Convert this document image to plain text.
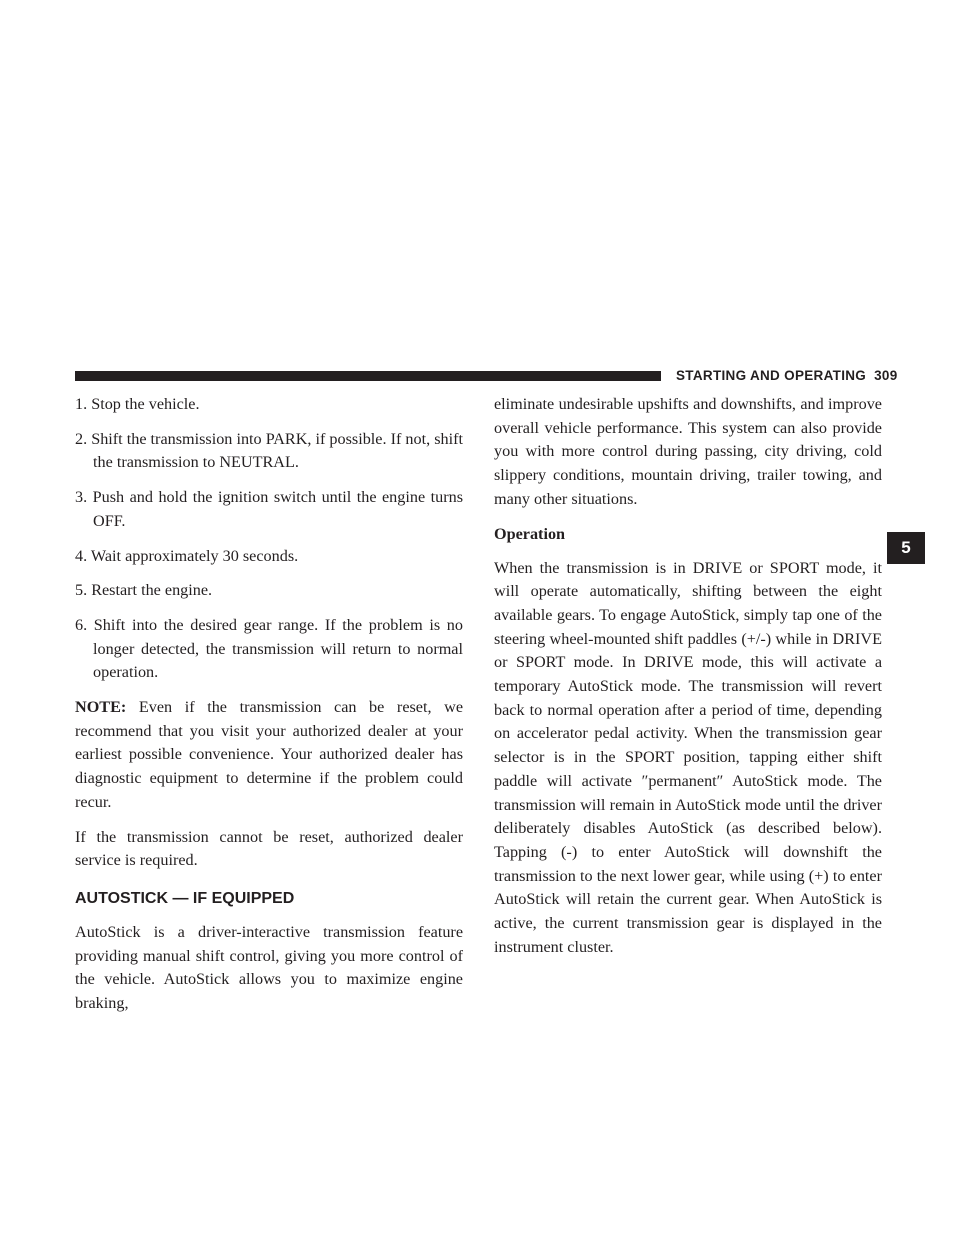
STARTING AND OPERATING 309
5
1. Stop the vehicle.
2. Shift the transmission into PARK, if possible. If not, shift the transmission to NEUTRAL.
3. Push and hold the ignition switch until the engine turns OFF.
4. Wait approximately 30 seconds.
5. Restart the engine.
6. Shift into the desired gear range. If the problem is no longer detected, the transmission will return to normal operation.

NOTE: Even if the transmission can be reset, we recommend that you visit your authorized dealer at your earliest possible convenience. Your authorized dealer has diagnostic equipment to determine if the problem could recur.

If the transmission cannot be reset, authorized dealer service is required.

AUTOSTICK — IF EQUIPPED

AutoStick is a driver-interactive transmission feature providing manual shift control, giving you more control of the vehicle. AutoStick allows you to maximize engine braking,

eliminate undesirable upshifts and downshifts, and improve overall vehicle performance. This system can also provide you with more control during passing, city driving, cold slippery conditions, mountain driving, trailer towing, and many other situations.

Operation

When the transmission is in DRIVE or SPORT mode, it will operate automatically, shifting between the eight available gears. To engage AutoStick, simply tap one of the steering wheel-mounted shift paddles (+/-) while in DRIVE or SPORT mode. In DRIVE mode, this will activate a temporary AutoStick mode. The transmission will revert back to normal operation after a period of time, depending on accelerator pedal activity. When the transmission gear selector is in the SPORT position, tapping either shift paddle will activate ″permanent″ AutoStick mode. The transmission will remain in AutoStick mode until the driver deliberately disables AutoStick (as described below). Tapping (-) to enter AutoStick will downshift the transmission to the next lower gear, while using (+) to enter AutoStick will retain the current gear. When AutoStick is active, the current transmission gear is displayed in the instrument cluster.
